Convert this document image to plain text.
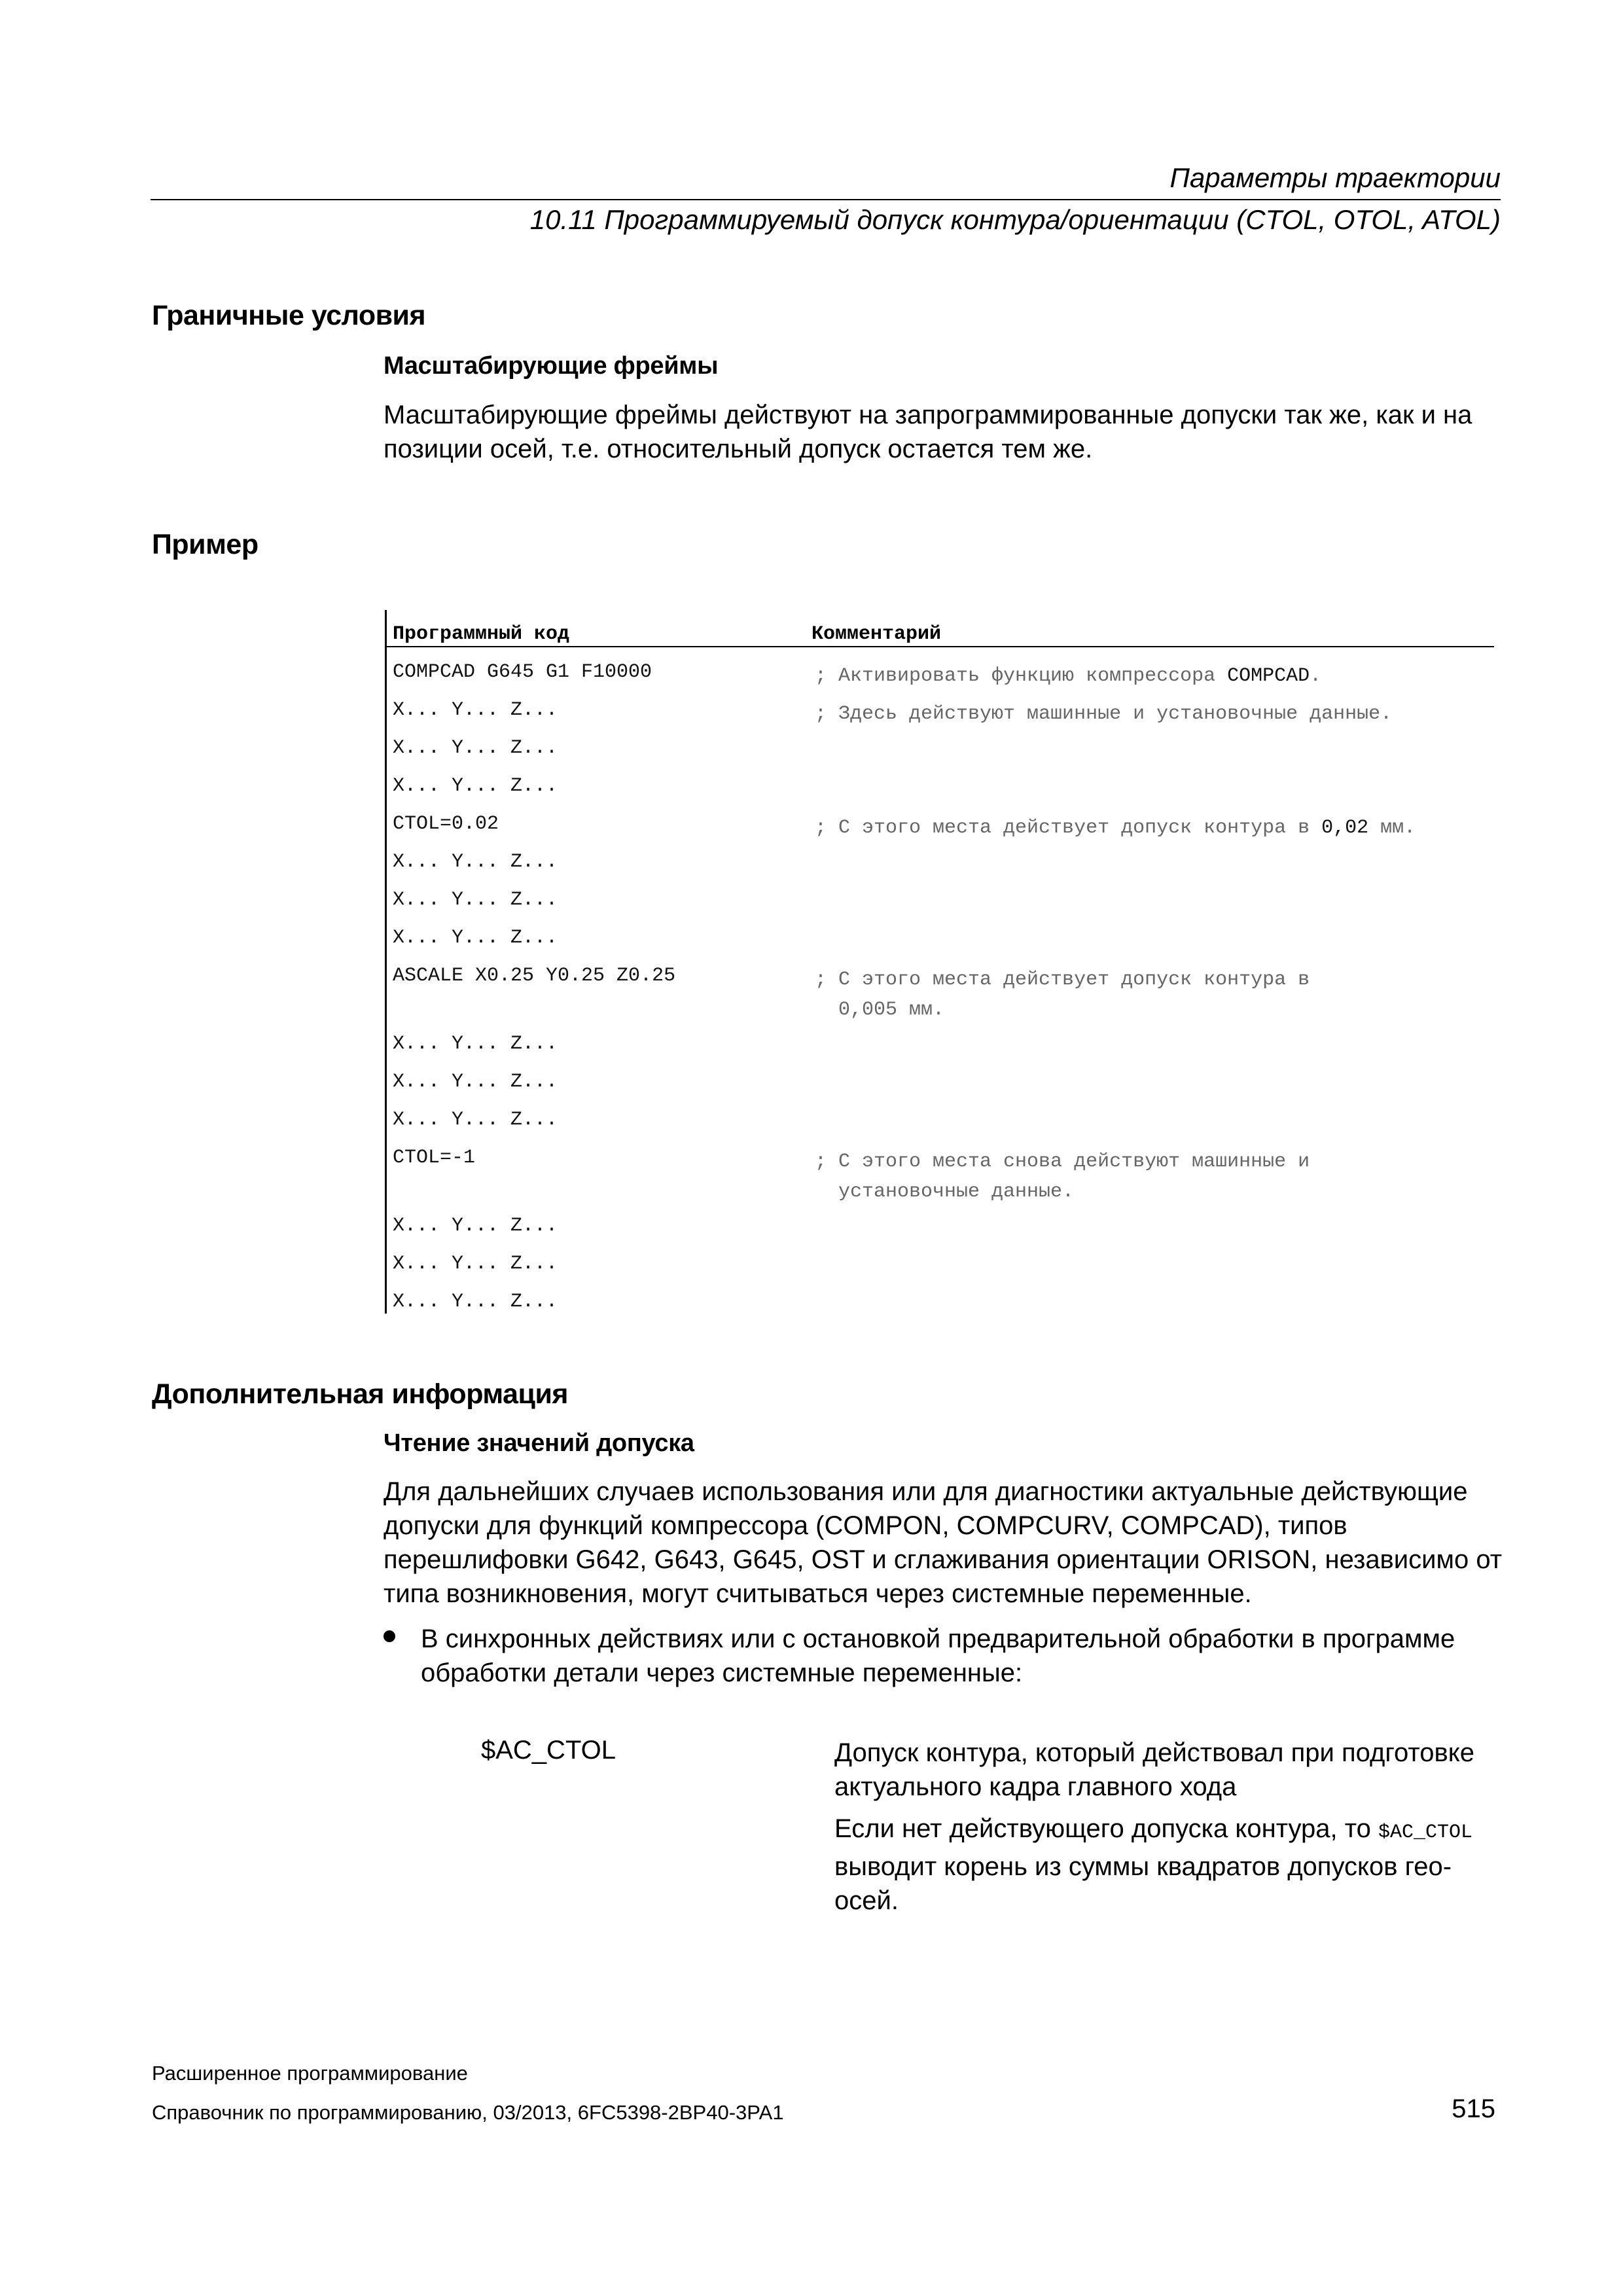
Параметры траектории
10.11 Программируемый допуск контура/ориентации (CTOL, OTOL, ATOL)
Граничные условия
Масштабирующие фреймы
Масштабирующие фреймы действуют на запрограммированные допуски так же, как и на позиции осей, т.е. относительный допуск остается тем же.
Пример
Программный код	Комментарий
COMPCAD G645 G1 F10000	; Активировать функцию компрессора COMPCAD.
X... Y... Z...	; Здесь действуют машинные и установочные данные.
X... Y... Z...
X... Y... Z...
CTOL=0.02	; С этого места действует допуск контура в 0,02 мм.
X... Y... Z...
X... Y... Z...
X... Y... Z...
ASCALE X0.25 Y0.25 Z0.25	; С этого места действует допуск контура в
0,005 мм.
X... Y... Z...
X... Y... Z...
X... Y... Z...
CTOL=-1	; С этого места снова действуют машинные и
установочные данные.
X... Y... Z...
X... Y... Z...
X... Y... Z...
Дополнительная информация
Чтение значений допуска
Для дальнейших случаев использования или для диагностики актуальные действующие допуски для функций компрессора (COMPON, COMPCURV, COMPCAD), типов перешлифовки G642, G643, G645, OST и сглаживания ориентации ORISON, независимо от типа возникновения, могут считываться через системные переменные.
В синхронных действиях или с остановкой предварительной обработки в программе обработки детали через системные переменные:
$AC_CTOL	Допуск контура, который действовал при подготовке актуального кадра главного хода
Если нет действующего допуска контура, то $AC_CTOL выводит корень из суммы квадратов допусков гео-осей.
Расширенное программирование
Справочник по программированию, 03/2013, 6FC5398-2BP40-3PA1	515
